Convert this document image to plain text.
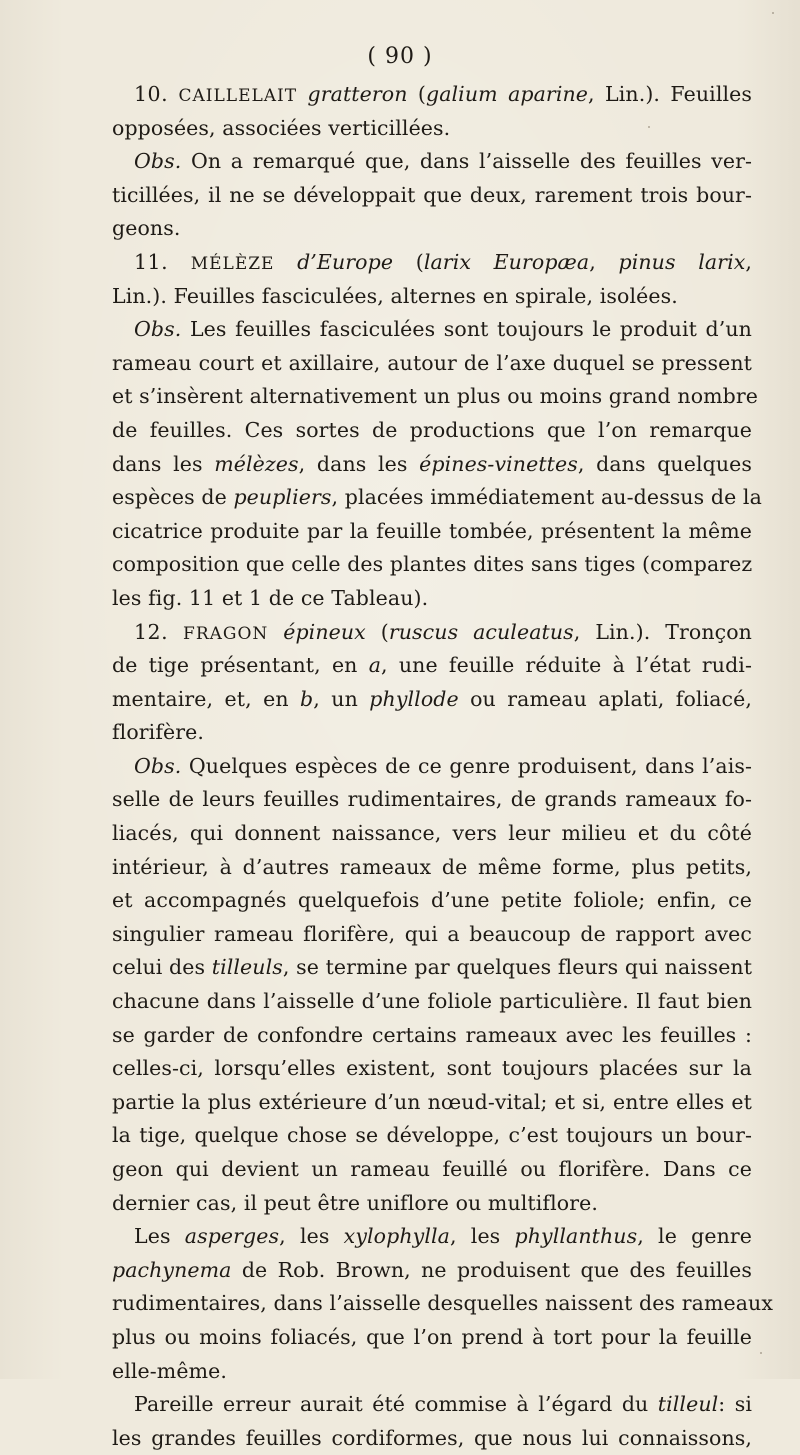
( 90 )
10. CAILLELAIT gratteron (galium aparine, Lin.). Feuilles
opposées, associées verticillées.
Obs. On a remarqué que, dans l’aisselle des feuilles ver-
ticillées, il ne se développait que deux, rarement trois bour-
geons.
11. MÉLÈZE d’Europe (larix Europæa, pinus larix,
Lin.). Feuilles fasciculées, alternes en spirale, isolées.
Obs. Les feuilles fasciculées sont toujours le produit d’un
rameau court et axillaire, autour de l’axe duquel se pressent
et s’insèrent alternativement un plus ou moins grand nombre
de feuilles. Ces sortes de productions que l’on remarque
dans les mélèzes, dans les épines-vinettes, dans quelques
espèces de peupliers, placées immédiatement au-dessus de la
cicatrice produite par la feuille tombée, présentent la même
composition que celle des plantes dites sans tiges (comparez
les fig. 11 et 1 de ce Tableau).
12. FRAGON épineux (ruscus aculeatus, Lin.). Tronçon
de tige présentant, en a, une feuille réduite à l’état rudi-
mentaire, et, en b, un phyllode ou rameau aplati, foliacé,
florifère.
Obs. Quelques espèces de ce genre produisent, dans l’ais-
selle de leurs feuilles rudimentaires, de grands rameaux fo-
liacés, qui donnent naissance, vers leur milieu et du côté
intérieur, à d’autres rameaux de même forme, plus petits,
et accompagnés quelquefois d’une petite foliole; enfin, ce
singulier rameau florifère, qui a beaucoup de rapport avec
celui des tilleuls, se termine par quelques fleurs qui naissent
chacune dans l’aisselle d’une foliole particulière. Il faut bien
se garder de confondre certains rameaux avec les feuilles :
celles-ci, lorsqu’elles existent, sont toujours placées sur la
partie la plus extérieure d’un nœud-vital; et si, entre elles et
la tige, quelque chose se développe, c’est toujours un bour-
geon qui devient un rameau feuillé ou florifère. Dans ce
dernier cas, il peut être uniflore ou multiflore.
Les asperges, les xylophylla, les phyllanthus, le genre
pachynema de Rob. Brown, ne produisent que des feuilles
rudimentaires, dans l’aisselle desquelles naissent des rameaux
plus ou moins foliacés, que l’on prend à tort pour la feuille
elle-même.
Pareille erreur aurait été commise à l’égard du tilleul: si
les grandes feuilles cordiformes, que nous lui connaissons,
